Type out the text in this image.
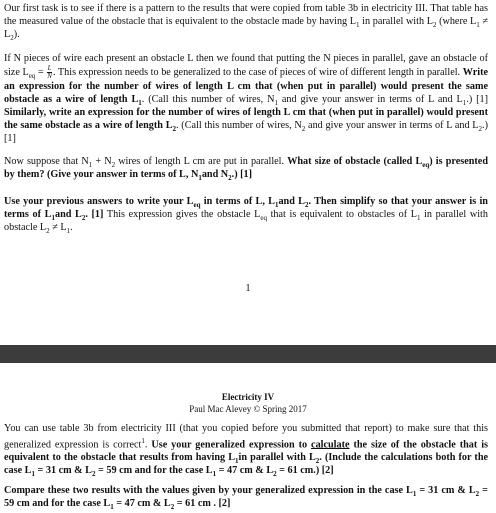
Our first task is to see if there is a pattern to the results that were copied from table 3b in electricity III. That table has the measured value of the obstacle that is equivalent to the obstacle made by having $L_1$ in parallel with $L_2$ (where $L_1 \ne L_2$).
If N pieces of wire each present an obstacle L then we found that putting the N pieces in parallel, gave an obstacle of size $L_{eq} = \frac{L}{N}$ . This expression needs to be generalized to the case of pieces of wire of different length in parallel. Write an expression for the number of wires of length L cm that (when put in parallel) would present the same obstacle as a wire of length $L_1$. (Call this number of wires, $N_1$ and give your answer in terms of L and $L_1$.) [1] Similarly, write an expression for the number of wires of length L cm that (when put in parallel) would present the same obstacle as a wire of length $L_2$. (Call this number of wires, $N_2$ and give your answer in terms of L and $L_2$.) [1]
Now suppose that $N_1 + N_2$ wires of length L cm are put in parallel. What size of obstacle (called $L_{eq}$) is presented by them? (Give your answer in terms of L, $N_1and$ $N_2$.) [1]
Use your previous answers to write your $L_{eq}$ in terms of L, $L_1and$ $L_2$. Then simplify so that your answer is in terms of $L_1and$ $L_2$. [1] This expression gives the obstacle $L_{eq}$ that is equivalent to obstacles of $L_1$ in parallel with obstacle $L_2 \ne L_1$.
1
Electricity IV
Paul Mac Alevey © Spring 2017
You can use table 3b from electricity III (that you copied before you submitted that report) to make sure that this generalized expression is correct$^1$. Use your generalized expression to calculate the size of the obstacle that is equivalent to the obstacle that results from having $L_1in$ parallel with $L_2$. (Include the calculations both for the case $L_1 = 31$ cm & $L_2 = 59$ cm and for the case $L_1 = 47$ cm & $L_2 = 61$ cm.) [2]
Compare these two results with the values given by your generalized expression in the case $L_1 = 31$ cm & $L_2 = 59$ cm and for the case $L_1 = 47$ cm & $L_2 = 61$ cm . [2]
